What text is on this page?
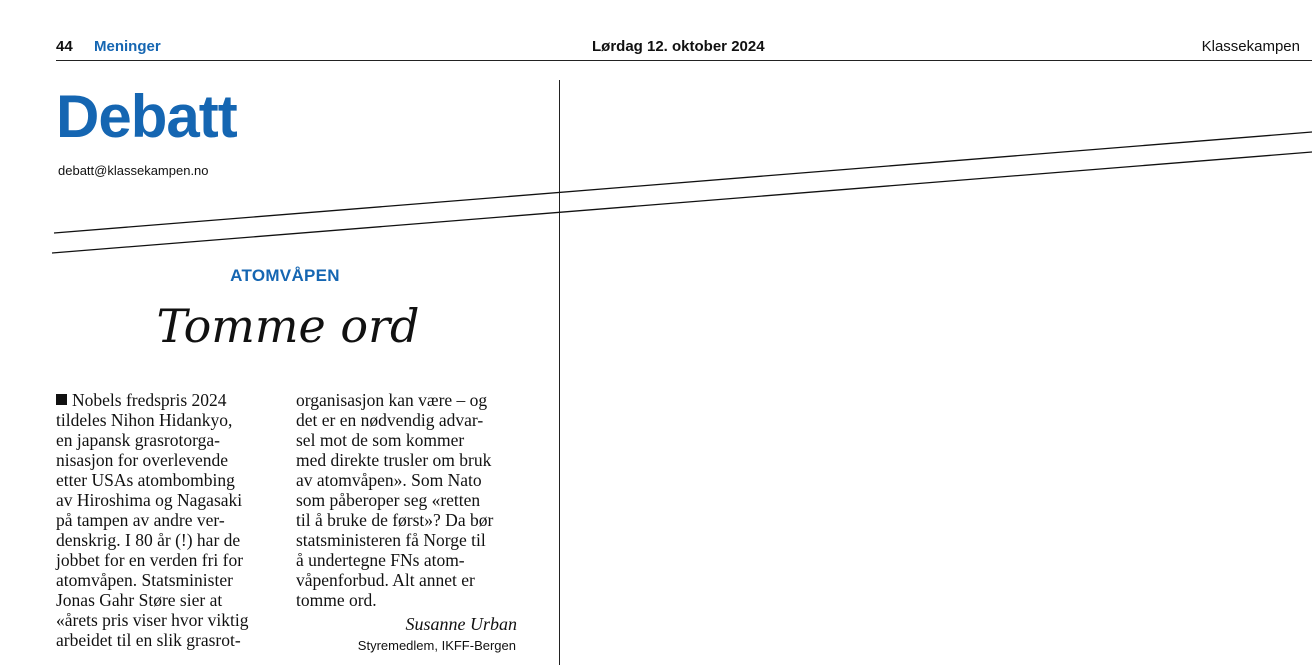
44 Meninger	Lørdag 12. oktober 2024	Klassekampen
Debatt
debatt@klassekampen.no
ATOMVÅPEN
Tomme ord
Nobels fredspris 2024
tildeles Nihon Hidankyo,
en japansk grasrotorga-
nisasjon for overlevende
etter USAs atombombing
av Hiroshima og Nagasaki
på tampen av andre ver-
denskrig. I 80 år (!) har de
jobbet for en verden fri for
atomvåpen. Statsminister
Jonas Gahr Støre sier at
«årets pris viser hvor viktig
arbeidet til en slik grasrot-
organisasjon kan være – og
det er en nødvendig advar-
sel mot de som kommer
med direkte trusler om bruk
av atomvåpen». Som Nato
som påberoper seg «retten
til å bruke de først»? Da bør
statsministeren få Norge til
å undertegne FNs atom-
våpenforbud. Alt annet er
tomme ord.
Susanne Urban
Styremedlem, IKFF-Bergen
